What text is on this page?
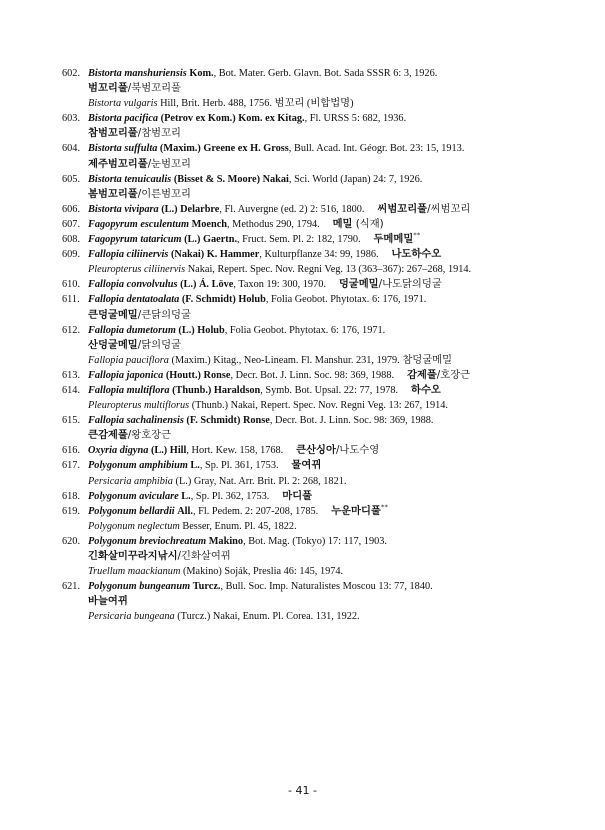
602. Bistorta manshuriensis Kom., Bot. Mater. Gerb. Glavn. Bot. Sada SSSR 6: 3, 1926.
범꼬리풀/북범꼬리풀
Bistorta vulgaris Hill, Brit. Herb. 488, 1756. 범꼬리 (비합법명)
603. Bistorta pacifica (Petrov ex Kom.) Kom. ex Kitag., Fl. URSS 5: 682, 1936.
참범꼬리풀/참범꼬리
604. Bistorta suffulta (Maxim.) Greene ex H. Gross, Bull. Acad. Int. Géogr. Bot. 23: 15, 1913.
제주범꼬리풀/눈범꼬리
605. Bistorta tenuicaulis (Bisset & S. Moore) Nakai, Sci. World (Japan) 24: 7, 1926.
봄범꼬리풀/이른범꼬리
606. Bistorta vivipara (L.) Delarbre, Fl. Auvergne (ed. 2) 2: 516, 1800. 씨범꼬리풀/씨범꼬리
607. Fagopyrum esculentum Moench, Methodus 290, 1794. 메밀 (식재)
608. Fagopyrum tataricum (L.) Gaertn., Fruct. Sem. Pl. 2: 182, 1790. 두메메밀**
609. Fallopia ciliinervis (Nakai) K. Hammer, Kulturpflanze 34: 99, 1986. 나도하수오
Pleuropterus ciliinervis Nakai, Repert. Spec. Nov. Regni Veg. 13 (363–367): 267–268, 1914.
610. Fallopia convolvulus (L.) Á. Löve, Taxon 19: 300, 1970. 덩굴메밀/나도닭의덩굴
611. Fallopia dentatoalata (F. Schmidt) Holub, Folia Geobot. Phytotax. 6: 176, 1971.
큰덩굴메밀/큰닭의덩굴
612. Fallopia dumetorum (L.) Holub, Folia Geobot. Phytotax. 6: 176, 1971.
산덩굴메밀/닭의덩굴
Fallopia pauciflora (Maxim.) Kitag., Neo-Lineam. Fl. Manshur. 231, 1979. 참덩굴메밀
613. Fallopia japonica (Houtt.) Ronse, Decr. Bot. J. Linn. Soc. 98: 369, 1988. 감제풀/호장근
614. Fallopia multiflora (Thunb.) Haraldson, Symb. Bot. Upsal. 22: 77, 1978. 하수오
Pleuropterus multiflorus (Thunb.) Nakai, Repert. Spec. Nov. Regni Veg. 13: 267, 1914.
615. Fallopia sachalinensis (F. Schmidt) Ronse, Decr. Bot. J. Linn. Soc. 98: 369, 1988.
큰감제풀/왕호장근
616. Oxyria digyna (L.) Hill, Hort. Kew. 158, 1768. 큰산싱아/나도수영
617. Polygonum amphibium L., Sp. Pl. 361, 1753. 물여뀌
Persicaria amphibia (L.) Gray, Nat. Arr. Brit. Pl. 2: 268, 1821.
618. Polygonum aviculare L., Sp. Pl. 362, 1753. 마디풀
619. Polygonum bellardii All., Fl. Pedem. 2: 207-208, 1785. 누운마디풀**
Polygonum neglectum Besser, Enum. Pl. 45, 1822.
620. Polygonum breviochreatum Makino, Bot. Mag. (Tokyo) 17: 117, 1903.
긴화살미꾸라지낚시/긴화살여뀌
Truellum maackianum (Makino) Soják, Preslia 46: 145, 1974.
621. Polygonum bungeanum Turcz., Bull. Soc. Imp. Naturalistes Moscou 13: 77, 1840.
바늘여뀌
Persicaria bungeana (Turcz.) Nakai, Enum. Pl. Corea. 131, 1922.
- 41 -
